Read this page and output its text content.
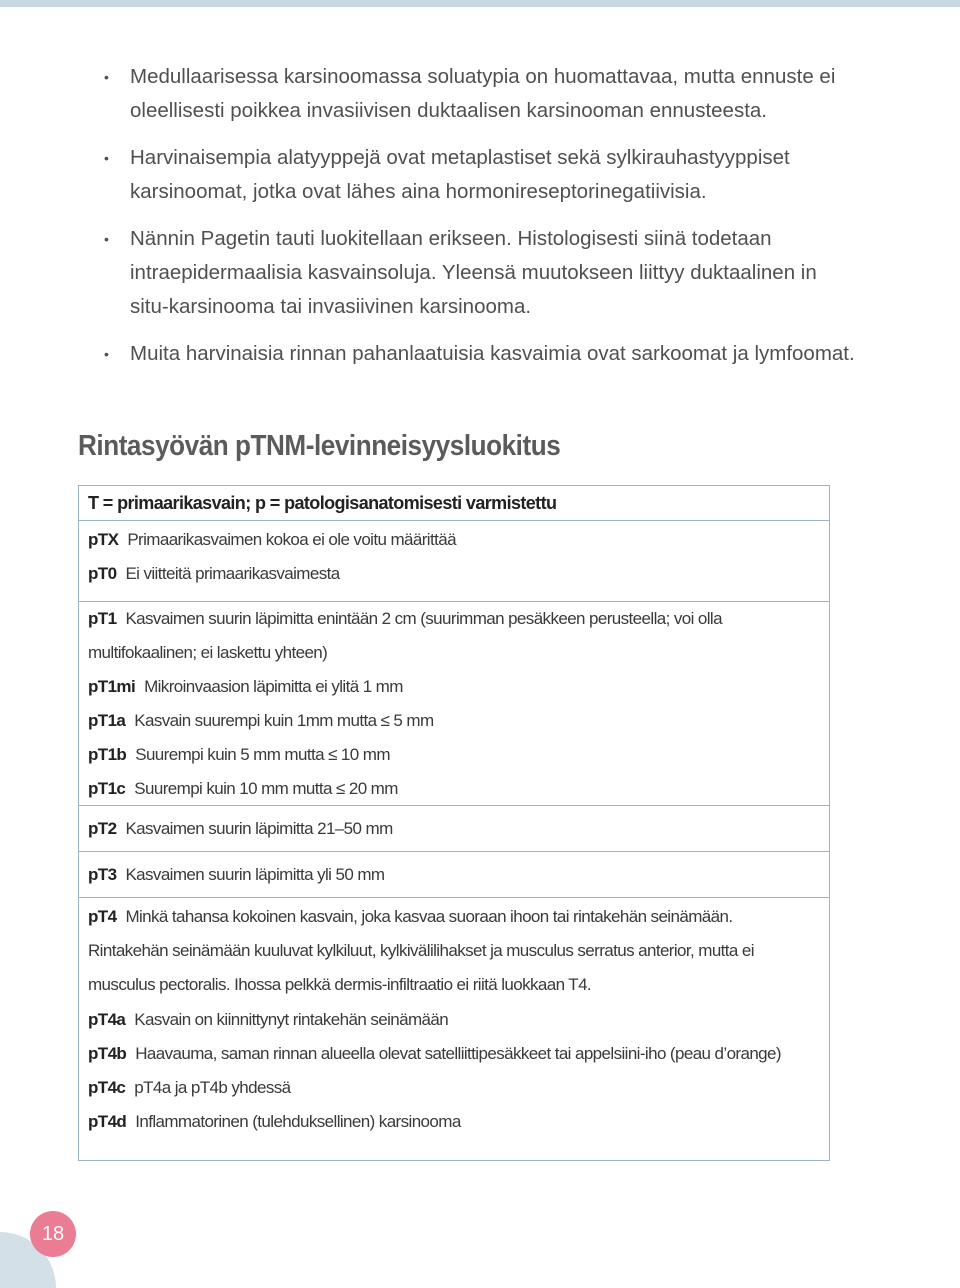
• Medullaarisessa karsinoomassa soluatypia on huomattavaa, mutta ennuste ei oleellisesti poikkea invasiivisen duktaalisen karsinooman ennusteesta.
• Harvinaisempia alatyyppejä ovat metaplastiset sekä sylkirauhastyyppiset karsinoomat, jotka ovat lähes aina hormonireseptorinegatiivisia.
• Nännin Pagetin tauti luokitellaan erikseen. Histologisesti siinä todetaan intraepidermaalisia kasvainsoluja. Yleensä muutokseen liittyy duktaalinen in situ-karsinooma tai invasiivinen karsinooma.
• Muita harvinaisia rinnan pahanlaatuisia kasvaimia ovat sarkoomat ja lymfoomat.
Rintasyövän pTNM-levinneisyysluokitus
T = primaarikasvain; p = patologisanatomisesti varmistettu
pTX Primaarikasvaimen kokoa ei ole voitu määrittää
pT0 Ei viitteitä primaarikasvaimesta
pT1 Kasvaimen suurin läpimitta enintään 2 cm (suurimman pesäkkeen perusteella; voi olla multifokaalinen; ei laskettu yhteen)
pT1mi Mikroinvaasion läpimitta ei ylitä 1 mm
pT1a Kasvain suurempi kuin 1mm mutta ≤ 5 mm
pT1b Suurempi kuin 5 mm mutta ≤ 10 mm
pT1c Suurempi kuin 10 mm mutta ≤ 20 mm
pT2 Kasvaimen suurin läpimitta 21–50 mm
pT3 Kasvaimen suurin läpimitta yli 50 mm
pT4 Minkä tahansa kokoinen kasvain, joka kasvaa suoraan ihoon tai rintakehän seinämään. Rintakehän seinämään kuuluvat kylkiluut, kylkivälilihakset ja musculus serratus anterior, mutta ei musculus pectoralis. Ihossa pelkkä dermis-infiltraatio ei riitä luokkaan T4.
pT4a Kasvain on kiinnittynyt rintakehän seinämään
pT4b Haavauma, saman rinnan alueella olevat satelliittipesäkkeet tai appelsiini-iho (peau d’orange)
pT4c pT4a ja pT4b yhdessä
pT4d Inflammatorinen (tulehduksellinen) karsinooma
18
